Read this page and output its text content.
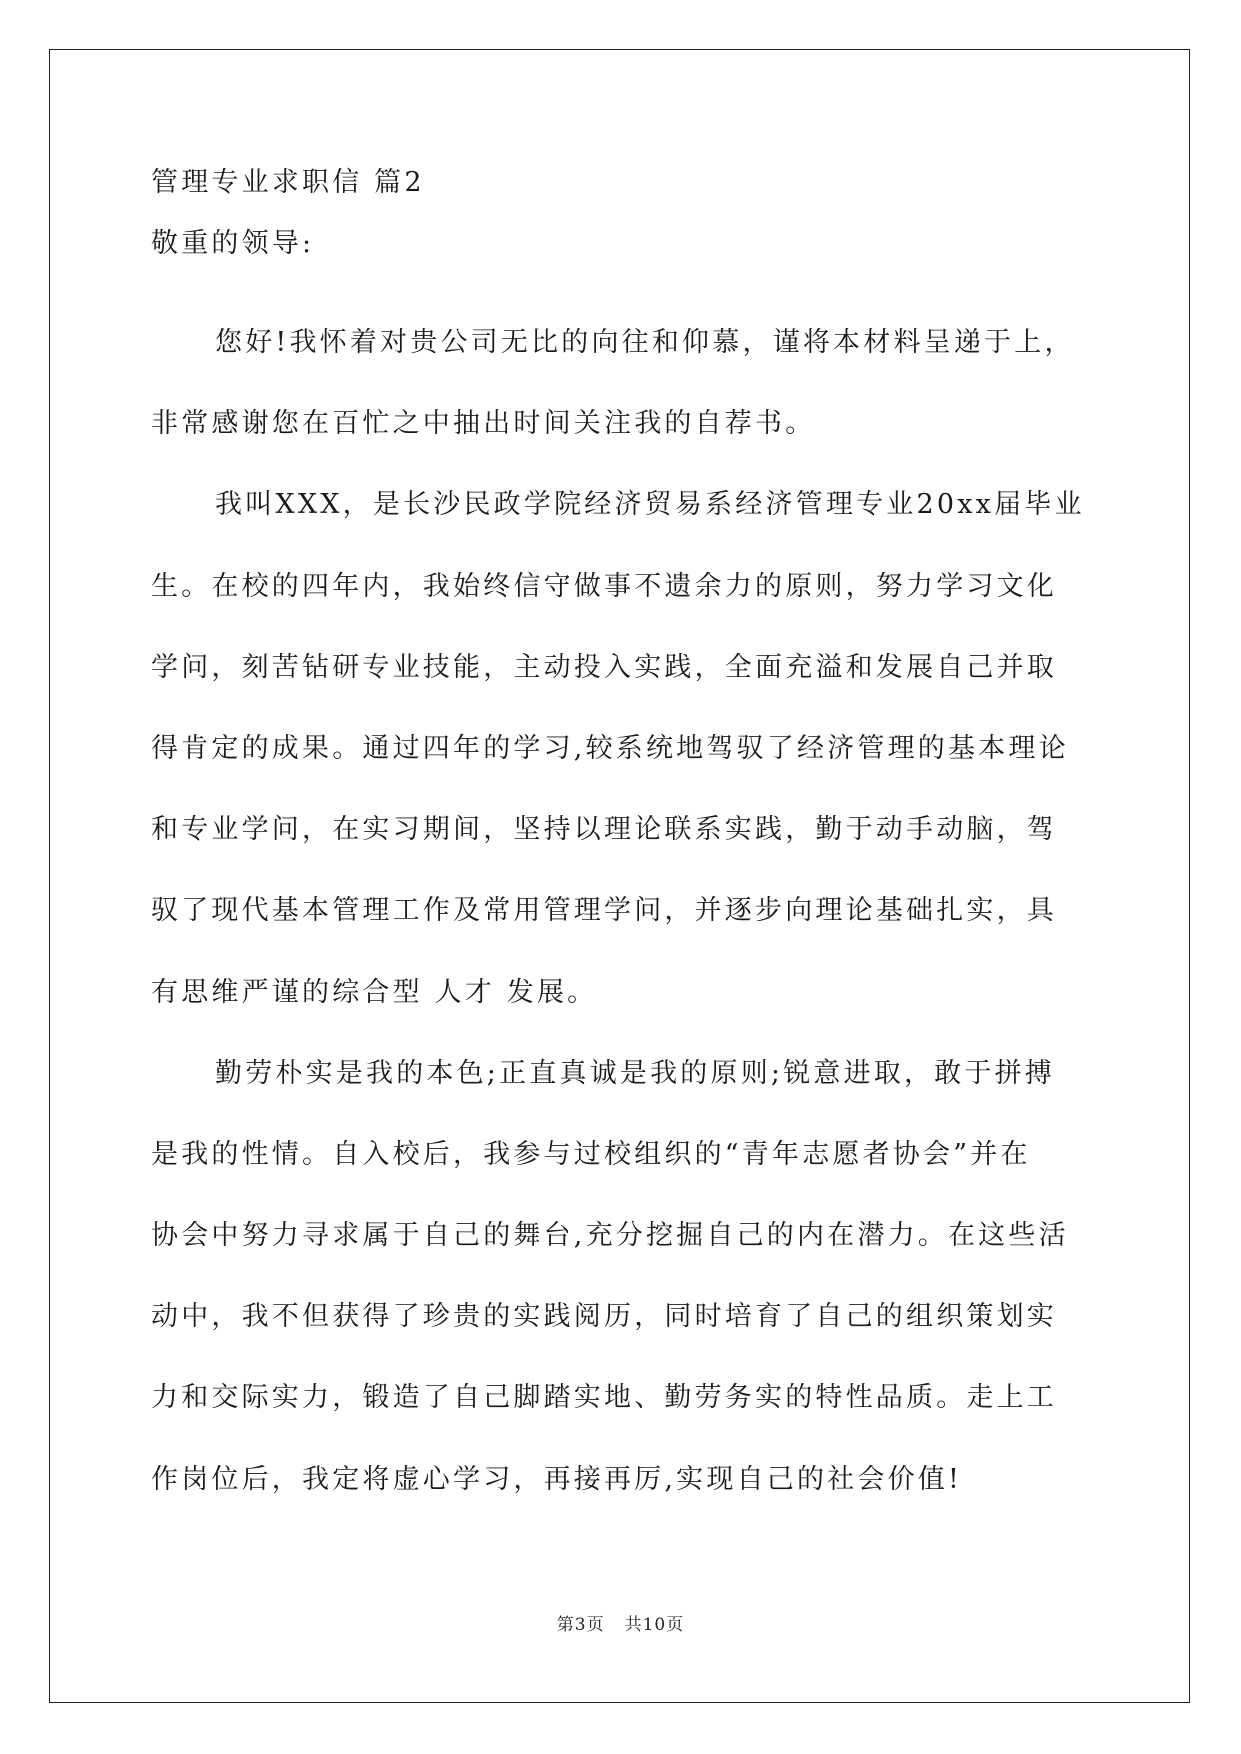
管理专业求职信 篇2
敬重的领导:
您好!我怀着对贵公司无比的向往和仰慕，谨将本材料呈递于上，
非常感谢您在百忙之中抽出时间关注我的自荐书。
我叫XXX，是长沙民政学院经济贸易系经济管理专业20xx届毕业
生。在校的四年内，我始终信守做事不遗余力的原则，努力学习文化
学问，刻苦钻研专业技能，主动投入实践，全面充溢和发展自己并取
得肯定的成果。通过四年的学习,较系统地驾驭了经济管理的基本理论
和专业学问，在实习期间，坚持以理论联系实践，勤于动手动脑，驾
驭了现代基本管理工作及常用管理学问，并逐步向理论基础扎实，具
有思维严谨的综合型 人才 发展。
勤劳朴实是我的本色;正直真诚是我的原则;锐意进取，敢于拼搏
是我的性情。自入校后，我参与过校组织的“青年志愿者协会”并在
协会中努力寻求属于自己的舞台,充分挖掘自己的内在潜力。在这些活
动中，我不但获得了珍贵的实践阅历，同时培育了自己的组织策划实
力和交际实力，锻造了自己脚踏实地、勤劳务实的特性品质。走上工
作岗位后，我定将虚心学习，再接再厉,实现自己的社会价值!
第3页 共10页
